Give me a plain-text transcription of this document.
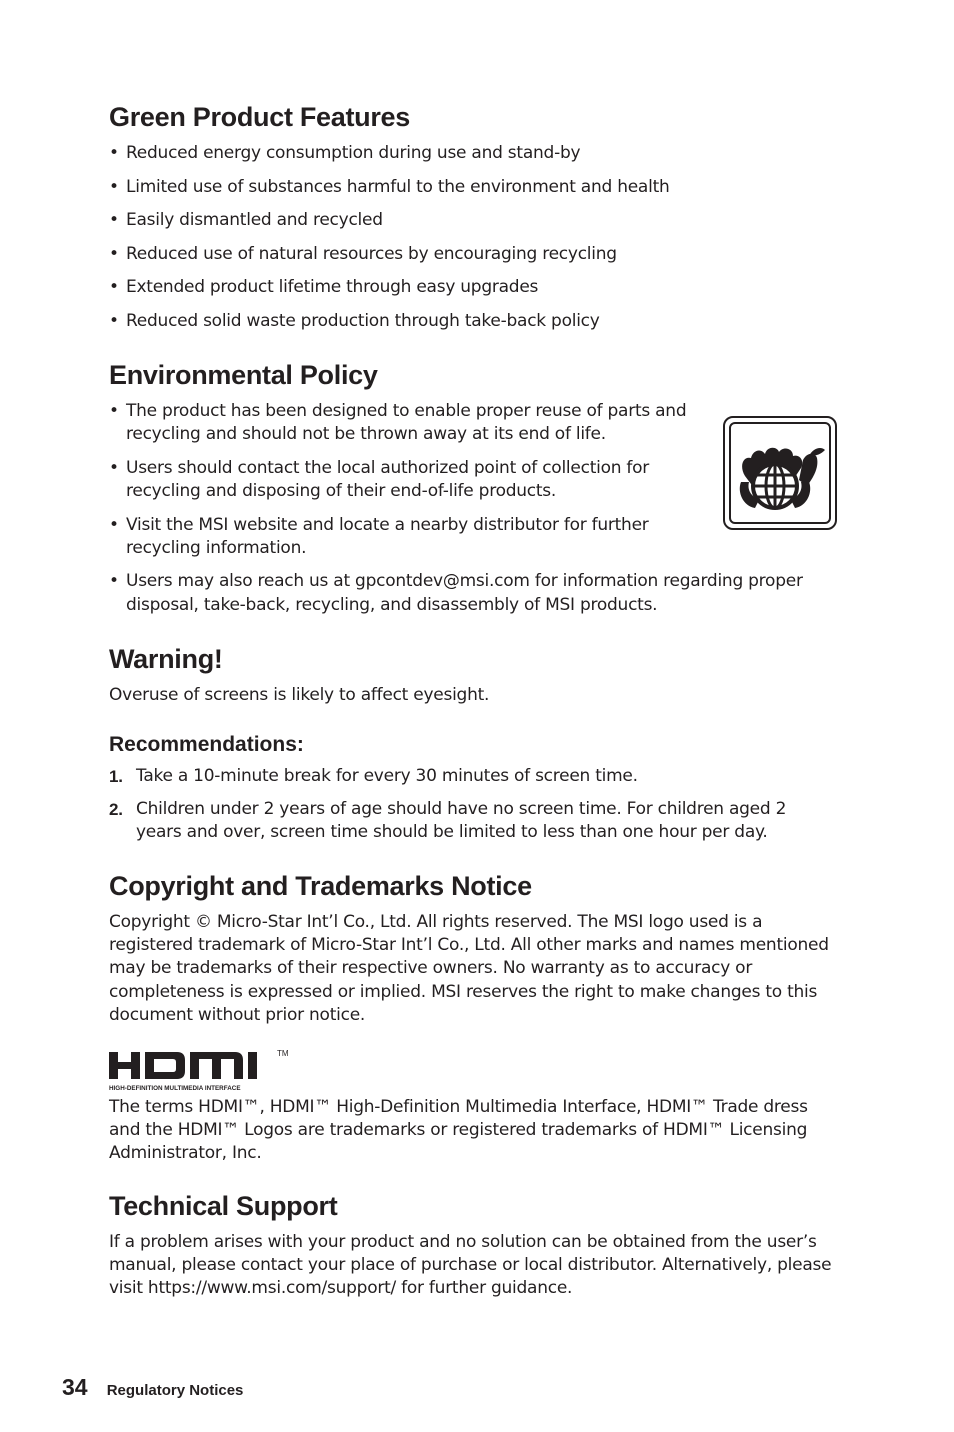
Green Product Features
• Reduced energy consumption during use and stand-by
• Limited use of substances harmful to the environment and health
• Easily dismantled and recycled
• Reduced use of natural resources by encouraging recycling
• Extended product lifetime through easy upgrades
• Reduced solid waste production through take-back policy
Environmental Policy
• The product has been designed to enable proper reuse of parts and recycling and should not be thrown away at its end of life.
• Users should contact the local authorized point of collection for recycling and disposing of their end-of-life products.
• Visit the MSI website and locate a nearby distributor for further recycling information.
• Users may also reach us at gpcontdev@msi.com for information regarding proper disposal, take-back, recycling, and disassembly of MSI products.
Warning!

Overuse of screens is likely to affect eyesight.

Recommendations:
1. Take a 10-minute break for every 30 minutes of screen time.
2. Children under 2 years of age should have no screen time. For children aged 2 years and over, screen time should be limited to less than one hour per day.
Copyright and Trademarks Notice

Copyright © Micro-Star Int’l Co., Ltd. All rights reserved. The MSI logo used is a registered trademark of Micro-Star Int’l Co., Ltd. All other marks and names mentioned may be trademarks of their respective owners. No warranty as to accuracy or completeness is expressed or implied. MSI reserves the right to make changes to this document without prior notice.

The terms HDMI™, HDMI™ High-Definition Multimedia Interface, HDMI™ Trade dress and the HDMI™ Logos are trademarks or registered trademarks of HDMI™ Licensing Administrator, Inc.

Technical Support

If a problem arises with your product and no solution can be obtained from the user’s manual, please contact your place of purchase or local distributor. Alternatively, please visit https://www.msi.com/support/ for further guidance.

TM
HIGH-DEFINITION MULTIMEDIA INTERFACE
34 Regulatory Notices
